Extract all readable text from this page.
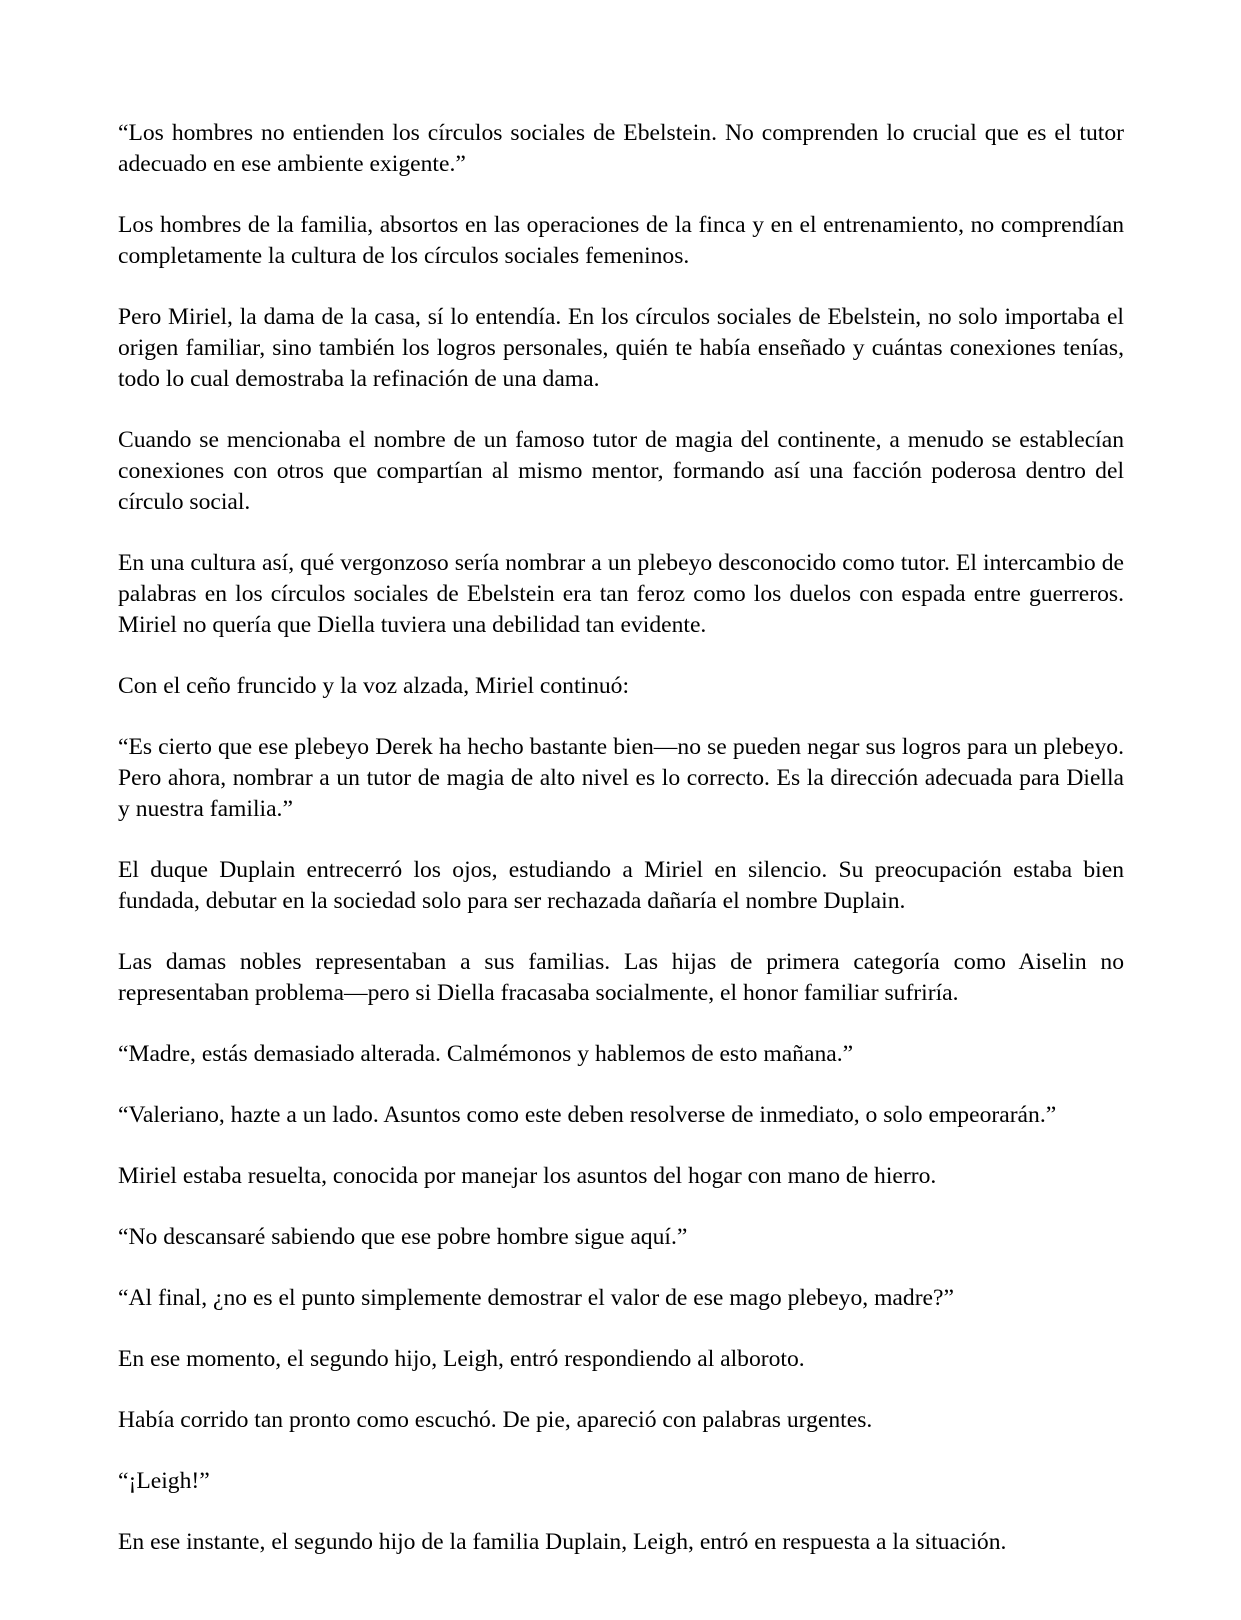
“Los hombres no entienden los círculos sociales de Ebelstein. No comprenden lo crucial que es el tutor adecuado en ese ambiente exigente.”

Los hombres de la familia, absortos en las operaciones de la finca y en el entrenamiento, no comprendían completamente la cultura de los círculos sociales femeninos.

Pero Miriel, la dama de la casa, sí lo entendía. En los círculos sociales de Ebelstein, no solo importaba el origen familiar, sino también los logros personales, quién te había enseñado y cuántas conexiones tenías, todo lo cual demostraba la refinación de una dama.

Cuando se mencionaba el nombre de un famoso tutor de magia del continente, a menudo se establecían conexiones con otros que compartían al mismo mentor, formando así una facción poderosa dentro del círculo social.

En una cultura así, qué vergonzoso sería nombrar a un plebeyo desconocido como tutor. El intercambio de palabras en los círculos sociales de Ebelstein era tan feroz como los duelos con espada entre guerreros. Miriel no quería que Diella tuviera una debilidad tan evidente.

Con el ceño fruncido y la voz alzada, Miriel continuó:

“Es cierto que ese plebeyo Derek ha hecho bastante bien—no se pueden negar sus logros para un plebeyo. Pero ahora, nombrar a un tutor de magia de alto nivel es lo correcto. Es la dirección adecuada para Diella y nuestra familia.”

El duque Duplain entrecerró los ojos, estudiando a Miriel en silencio. Su preocupación estaba bien fundada, debutar en la sociedad solo para ser rechazada dañaría el nombre Duplain.

Las damas nobles representaban a sus familias. Las hijas de primera categoría como Aiselin no representaban problema—pero si Diella fracasaba socialmente, el honor familiar sufriría.

“Madre, estás demasiado alterada. Calmémonos y hablemos de esto mañana.”

“Valeriano, hazte a un lado. Asuntos como este deben resolverse de inmediato, o solo empeorarán.”

Miriel estaba resuelta, conocida por manejar los asuntos del hogar con mano de hierro.

“No descansaré sabiendo que ese pobre hombre sigue aquí.”

“Al final, ¿no es el punto simplemente demostrar el valor de ese mago plebeyo, madre?”

En ese momento, el segundo hijo, Leigh, entró respondiendo al alboroto.

Había corrido tan pronto como escuchó. De pie, apareció con palabras urgentes.

“¡Leigh!”

En ese instante, el segundo hijo de la familia Duplain, Leigh, entró en respuesta a la situación.
